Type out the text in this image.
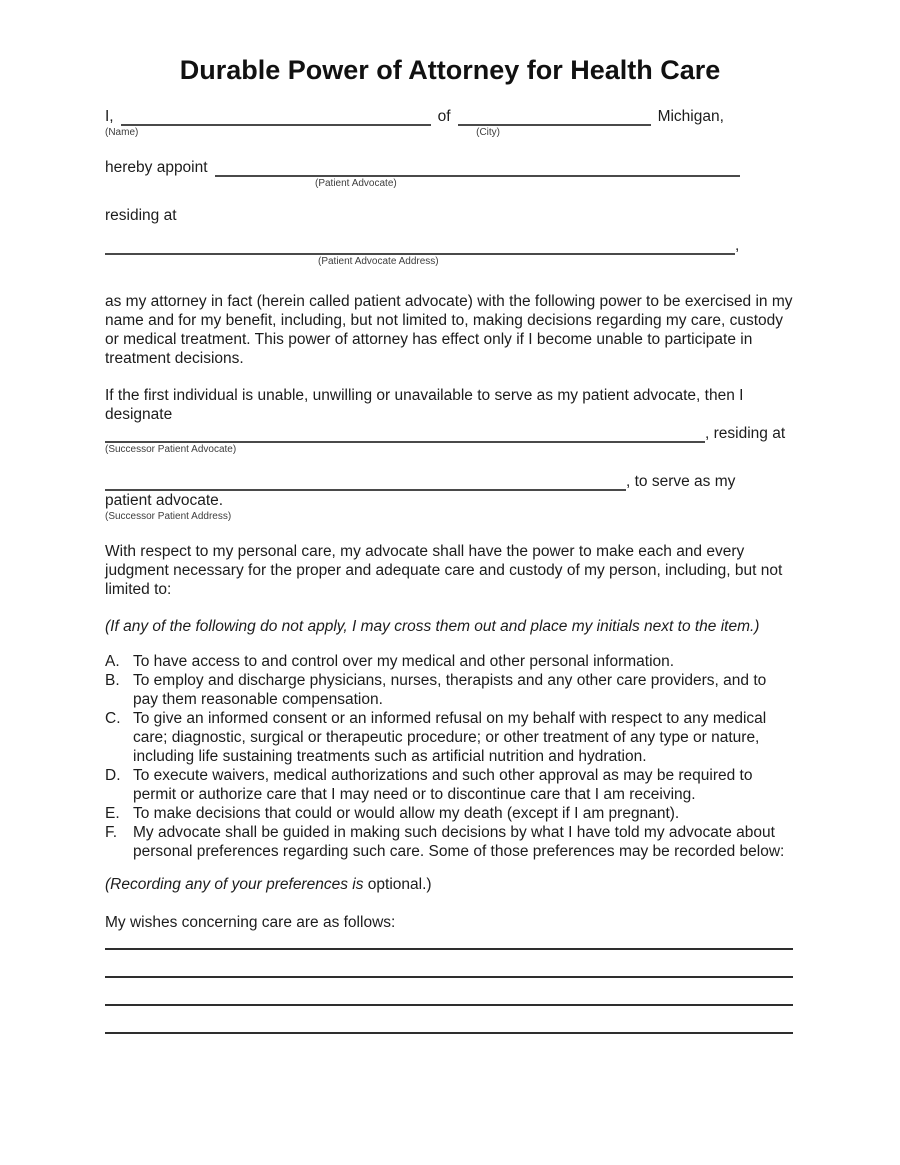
Durable Power of Attorney for Health Care
I,	of	Michigan,
(Name)	(City)
hereby appoint
(Patient Advocate)
residing at
,
(Patient Advocate Address)

as my attorney in fact (herein called patient advocate) with the following power to be exercised in my name and for my benefit, including, but not limited to, making decisions regarding my care, custody or medical treatment. This power of attorney has effect only if I become unable to participate in treatment decisions.

If the first individual is unable, unwilling or unavailable to serve as my patient advocate, then I designate

, residing at
(Successor Patient Advocate)
, to serve as my
patient advocate.
(Successor Patient Address)

With respect to my personal care, my advocate shall have the power to make each and every judgment necessary for the proper and adequate care and custody of my person, including, but not limited to:

(If any of the following do not apply, I may cross them out and place my initials next to the item.)

A. To have access to and control over my medical and other personal information.
B. To employ and discharge physicians, nurses, therapists and any other care providers, and to pay them reasonable compensation.
C. To give an informed consent or an informed refusal on my behalf with respect to any medical care; diagnostic, surgical or therapeutic procedure; or other treatment of any type or nature, including life sustaining treatments such as artificial nutrition and hydration.
D. To execute waivers, medical authorizations and such other approval as may be required to permit or authorize care that I may need or to discontinue care that I am receiving.
E. To make decisions that could or would allow my death (except if I am pregnant).
F.	My advocate shall be guided in making such decisions by what I have told my advocate about personal preferences regarding such care. Some of those preferences may be recorded below:

(Recording any of your preferences is optional.)

My wishes concerning care are as follows:
